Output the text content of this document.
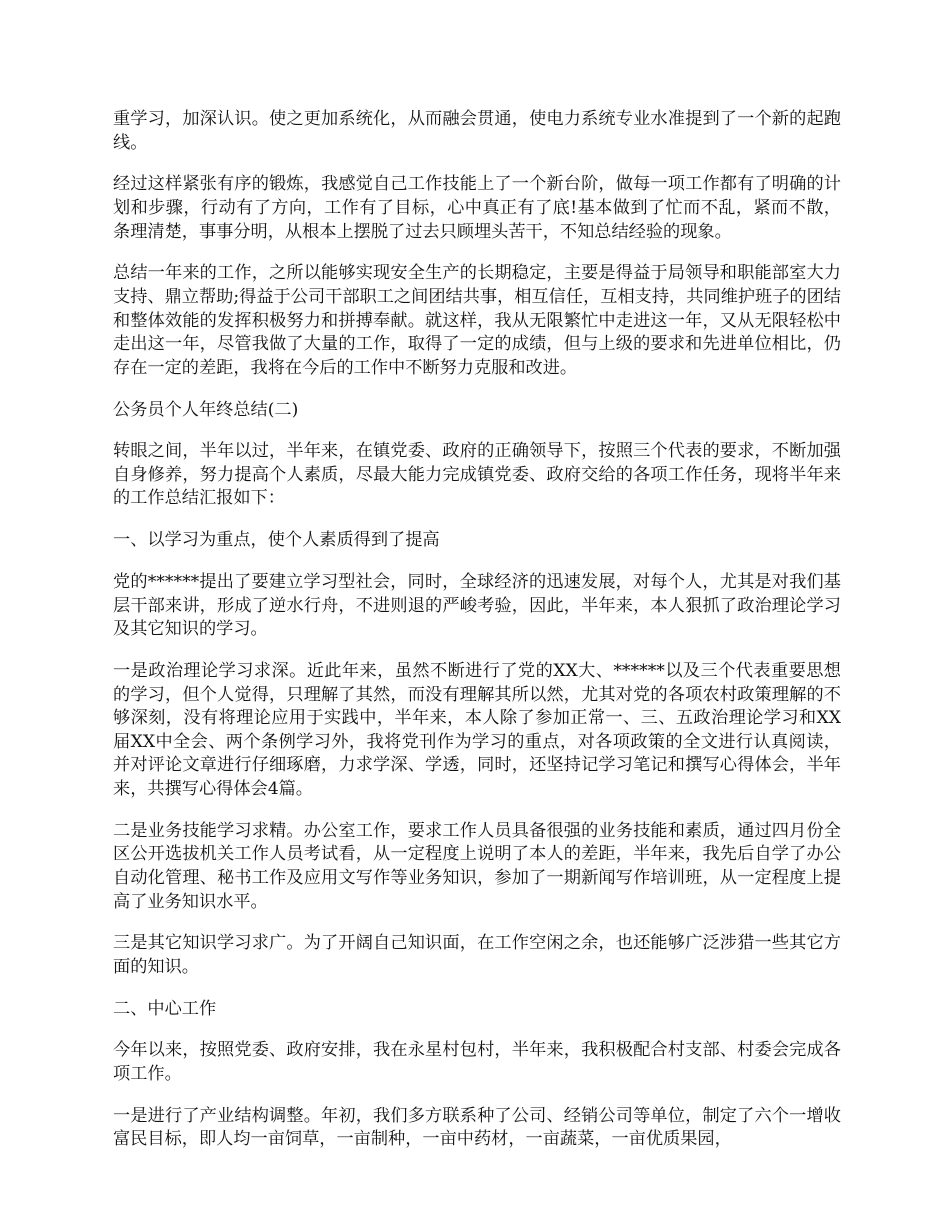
重学习，加深认识。使之更加系统化，从而融会贯通，使电力系统专业水准提到了一个新的起跑线。

经过这样紧张有序的锻炼，我感觉自己工作技能上了一个新台阶，做每一项工作都有了明确的计划和步骤，行动有了方向，工作有了目标，心中真正有了底!基本做到了忙而不乱，紧而不散，条理清楚，事事分明，从根本上摆脱了过去只顾埋头苦干，不知总结经验的现象。

总结一年来的工作，之所以能够实现安全生产的长期稳定，主要是得益于局领导和职能部室大力支持、鼎立帮助;得益于公司干部职工之间团结共事，相互信任，互相支持，共同维护班子的团结和整体效能的发挥积极努力和拼搏奉献。就这样，我从无限繁忙中走进这一年，又从无限轻松中走出这一年，尽管我做了大量的工作，取得了一定的成绩，但与上级的要求和先进单位相比，仍存在一定的差距，我将在今后的工作中不断努力克服和改进。

公务员个人年终总结(二)

转眼之间，半年以过，半年来，在镇党委、政府的正确领导下，按照三个代表的要求，不断加强自身修养，努力提高个人素质，尽最大能力完成镇党委、政府交给的各项工作任务，现将半年来的工作总结汇报如下：

一、以学习为重点，使个人素质得到了提高

党的******提出了要建立学习型社会，同时，全球经济的迅速发展，对每个人，尤其是对我们基层干部来讲，形成了逆水行舟，不进则退的严峻考验，因此，半年来，本人狠抓了政治理论学习及其它知识的学习。

一是政治理论学习求深。近此年来，虽然不断进行了党的XX大、******以及三个代表重要思想的学习，但个人觉得，只理解了其然，而没有理解其所以然，尤其对党的各项农村政策理解的不够深刻，没有将理论应用于实践中，半年来，本人除了参加正常一、三、五政治理论学习和XX届XX中全会、两个条例学习外，我将党刊作为学习的重点，对各项政策的全文进行认真阅读，并对评论文章进行仔细琢磨，力求学深、学透，同时，还坚持记学习笔记和撰写心得体会，半年来，共撰写心得体会4篇。

二是业务技能学习求精。办公室工作，要求工作人员具备很强的业务技能和素质，通过四月份全区公开选拔机关工作人员考试看，从一定程度上说明了本人的差距，半年来，我先后自学了办公自动化管理、秘书工作及应用文写作等业务知识，参加了一期新闻写作培训班，从一定程度上提高了业务知识水平。

三是其它知识学习求广。为了开阔自己知识面，在工作空闲之余，也还能够广泛涉猎一些其它方面的知识。

二、中心工作

今年以来，按照党委、政府安排，我在永星村包村，半年来，我积极配合村支部、村委会完成各项工作。

一是进行了产业结构调整。年初，我们多方联系种了公司、经销公司等单位，制定了六个一增收富民目标，即人均一亩饲草，一亩制种，一亩中药材，一亩蔬菜，一亩优质果园，
